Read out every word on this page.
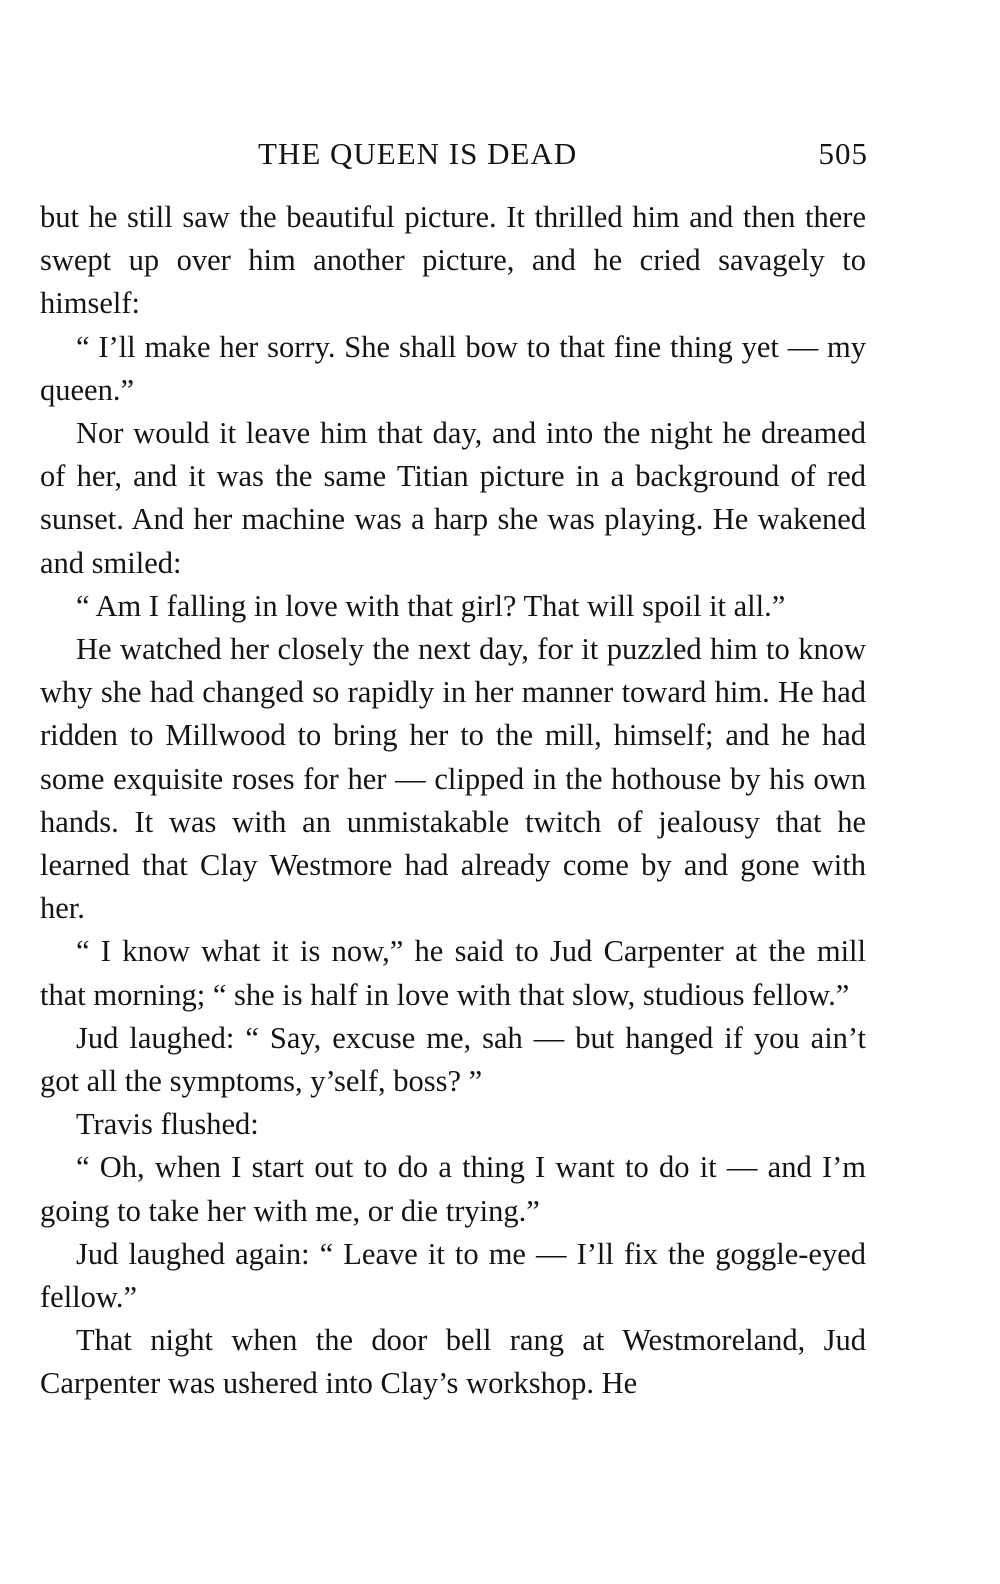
THE QUEEN IS DEAD	505

but he still saw the beautiful picture. It thrilled him and then there swept up over him another picture, and he cried savagely to himself:

“ I’ll make her sorry. She shall bow to that fine thing yet — my queen.”

Nor would it leave him that day, and into the night he dreamed of her, and it was the same Titian picture in a background of red sunset. And her machine was a harp she was playing. He wakened and smiled:

“ Am I falling in love with that girl? That will spoil it all.”

He watched her closely the next day, for it puzzled him to know why she had changed so rapidly in her manner toward him. He had ridden to Millwood to bring her to the mill, himself; and he had some exquisite roses for her — clipped in the hothouse by his own hands. It was with an unmistakable twitch of jealousy that he learned that Clay Westmore had already come by and gone with her.

“ I know what it is now,” he said to Jud Carpenter at the mill that morning; “ she is half in love with that slow, studious fellow.”

Jud laughed: “ Say, excuse me, sah — but hanged if you ain’t got all the symptoms, y’self, boss? ”

Travis flushed:

“ Oh, when I start out to do a thing I want to do it — and I’m going to take her with me, or die trying.”

Jud laughed again: “ Leave it to me — I’ll fix the goggle-eyed fellow.”

That night when the door bell rang at Westmoreland, Jud Carpenter was ushered into Clay’s workshop. He
